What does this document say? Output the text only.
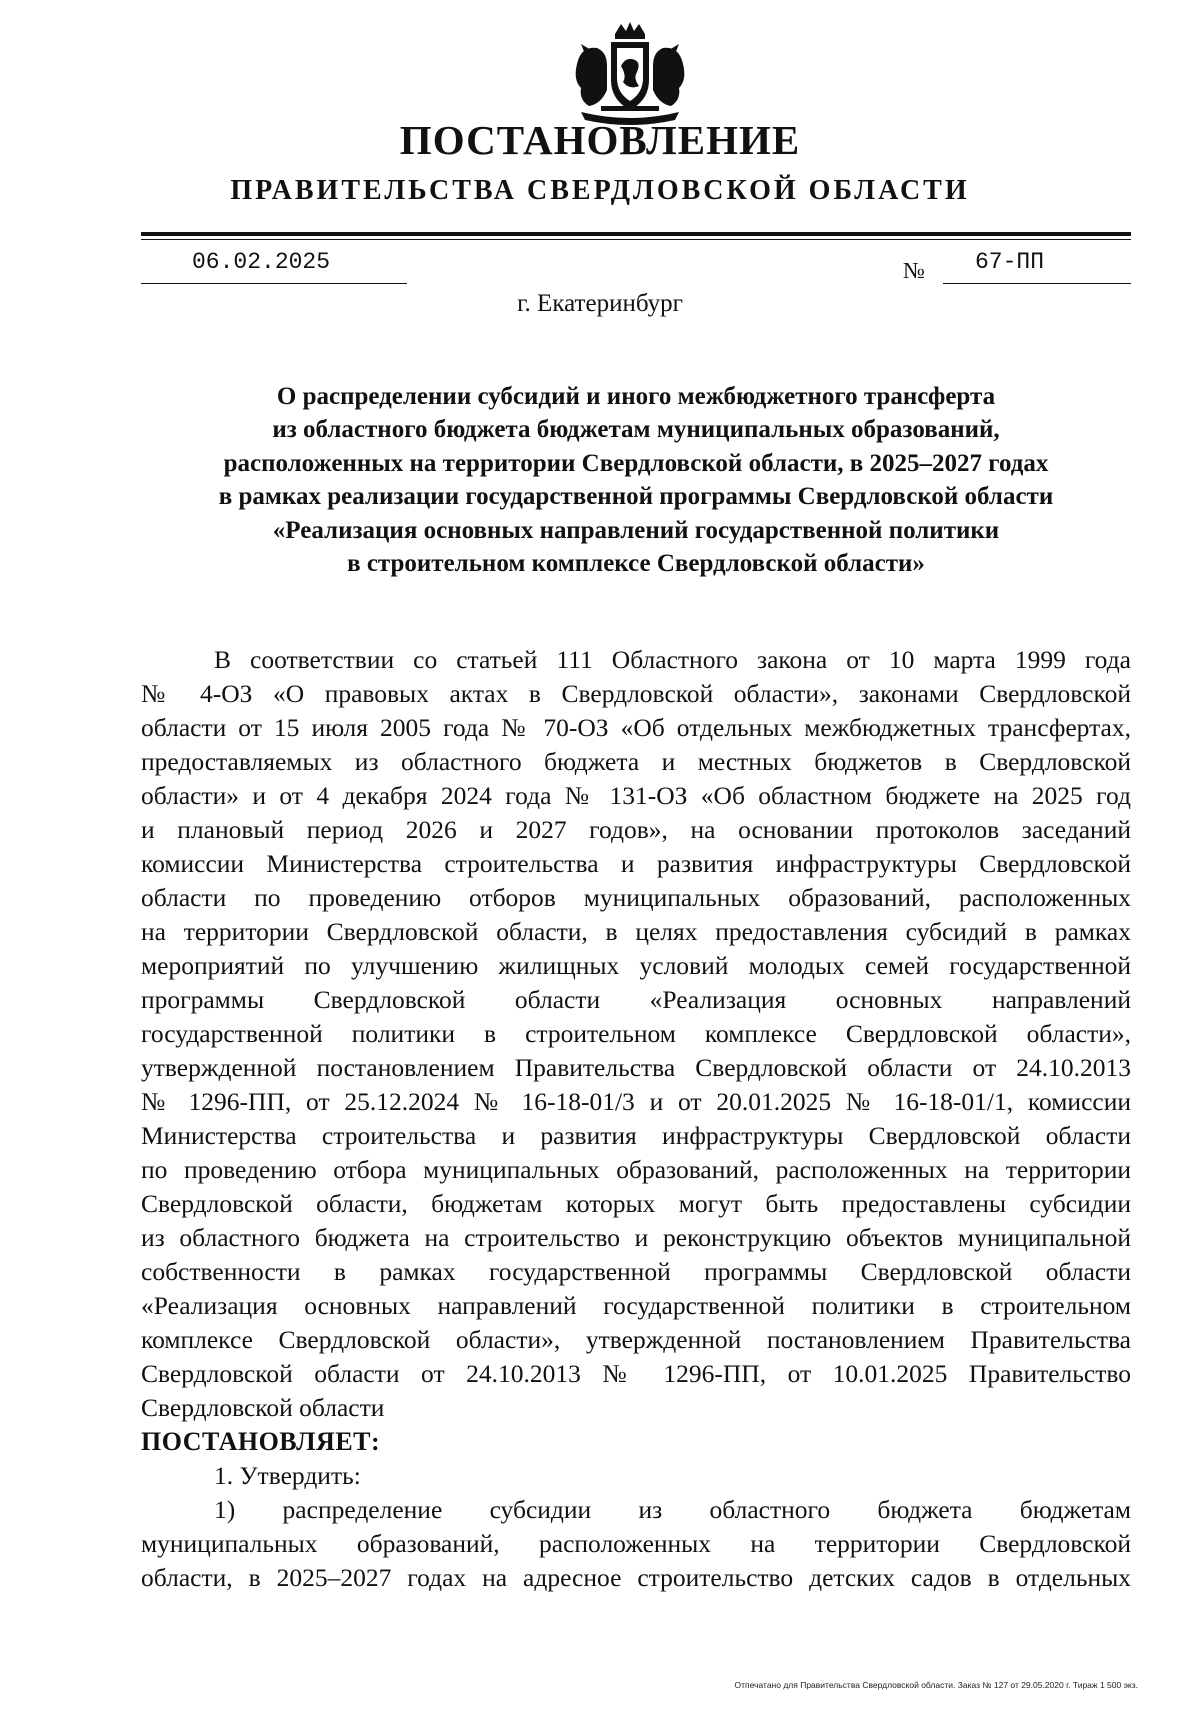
ПОСТАНОВЛЕНИЕ
ПРАВИТЕЛЬСТВА СВЕРДЛОВСКОЙ ОБЛАСТИ
06.02.2025	№ 67-ПП
г. Екатеринбург
О распределении субсидий и иного межбюджетного трансферта
из областного бюджета бюджетам муниципальных образований,
расположенных на территории Свердловской области, в 2025–2027 годах
в рамках реализации государственной программы Свердловской области
«Реализация основных направлений государственной политики
в строительном комплексе Свердловской области»
В соответствии со статьей 111 Областного закона от 10 марта 1999 года
№ 4-ОЗ «О правовых актах в Свердловской области», законами Свердловской
области от 15 июля 2005 года № 70-ОЗ «Об отдельных межбюджетных трансфертах,
предоставляемых из областного бюджета и местных бюджетов в Свердловской
области» и от 4 декабря 2024 года № 131-ОЗ «Об областном бюджете на 2025 год
и плановый период 2026 и 2027 годов», на основании протоколов заседаний
комиссии Министерства строительства и развития инфраструктуры Свердловской
области по проведению отборов муниципальных образований, расположенных
на территории Свердловской области, в целях предоставления субсидий в рамках
мероприятий по улучшению жилищных условий молодых семей государственной
программы Свердловской области «Реализация основных направлений
государственной политики в строительном комплексе Свердловской области»,
утвержденной постановлением Правительства Свердловской области от 24.10.2013
№ 1296-ПП, от 25.12.2024 № 16-18-01/3 и от 20.01.2025 № 16-18-01/1, комиссии
Министерства строительства и развития инфраструктуры Свердловской области
по проведению отбора муниципальных образований, расположенных на территории
Свердловской области, бюджетам которых могут быть предоставлены субсидии
из областного бюджета на строительство и реконструкцию объектов муниципальной
собственности в рамках государственной программы Свердловской области
«Реализация основных направлений государственной политики в строительном
комплексе Свердловской области», утвержденной постановлением Правительства
Свердловской области от 24.10.2013 № 1296-ПП, от 10.01.2025 Правительство
Свердловской области
ПОСТАНОВЛЯЕТ:
1. Утвердить:
1) распределение субсидии из областного бюджета бюджетам
муниципальных образований, расположенных на территории Свердловской
области, в 2025–2027 годах на адресное строительство детских садов в отдельных
Отпечатано для Правительства Свердловской области. Заказ № 127 от 29.05.2020 г. Тираж 1 500 экз.
